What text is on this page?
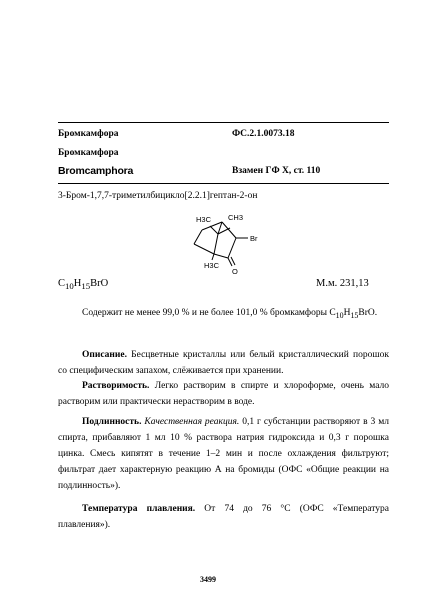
Бромкамфора	ФС.2.1.0073.18
Бромкамфора
Bromcamphora	Взамен ГФ X, ст. 110
3-Бром-1,7,7-триметилбицикло[2.2.1]гептан-2-он
H3C CH3
Br
H3C
O
$C_{10}H_{15}BrO$	М.м. 231,13
Содержит не менее 99,0 % и не более 101,0 % бромкамфоры $C_{10}H_{15}BrO$.
Описание. Бесцветные кристаллы или белый кристаллический порошок со специфическим запахом, слёживается при хранении.
Растворимость. Легко растворим в спирте и хлороформе, очень мало растворим или практически нерастворим в воде.
Подлинность. Качественная реакция. 0,1 г субстанции растворяют в 3 мл спирта, прибавляют 1 мл 10 % раствора натрия гидроксида и 0,3 г порошка цинка. Смесь кипятят в течение 1–2 мин и после охлаждения фильтруют; фильтрат дает характерную реакцию А на бромиды (ОФС «Общие реакции на подлинность»).
Температура плавления. От 74 до 76 °С (ОФС «Температура плавления»).
3499
